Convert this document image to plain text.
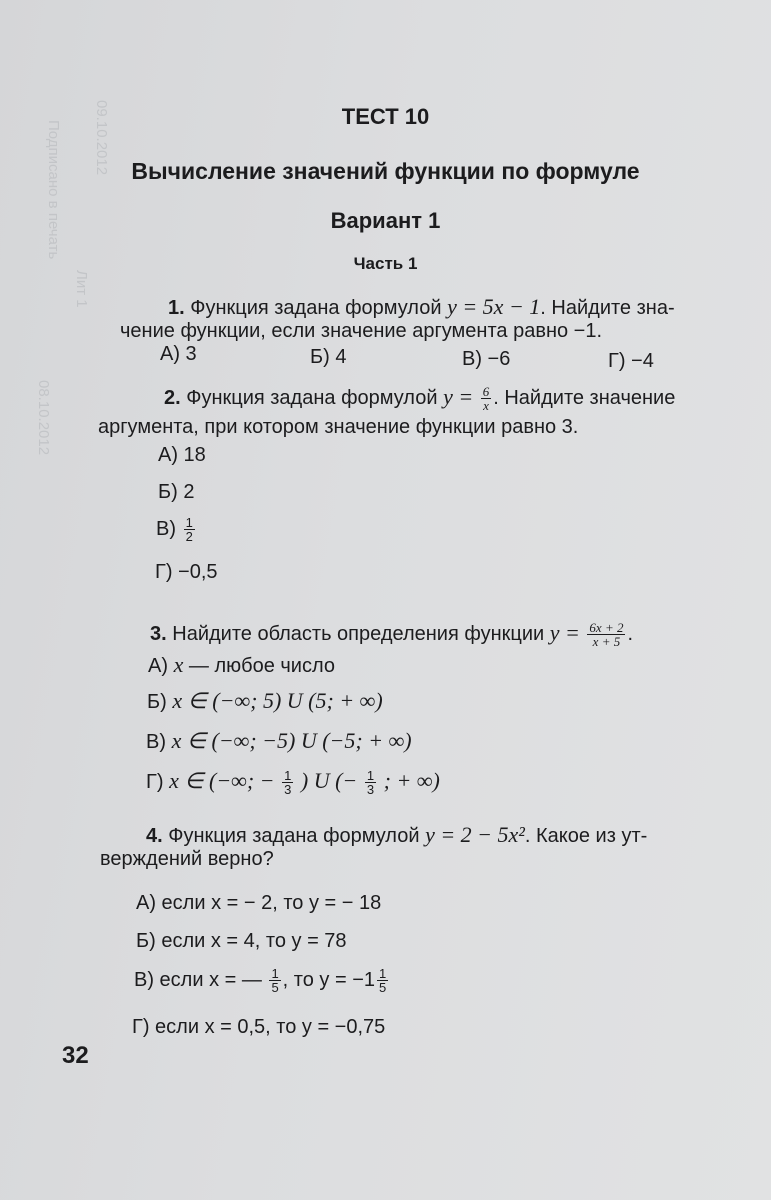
09.10.2012
Лит 1
Подписано в печать
08.10.2012
ТЕСТ 10
Вычисление значений функции по формуле
Вариант 1
Часть 1
1. Функция задана формулой y = 5x − 1. Найдите зна-
чение функции, если значение аргумента равно −1.
А) 3	Б) 4	В) −6	Г) −4
2. Функция задана формулой $y = \frac{6}{x}$ . Найдите значение
аргумента, при котором значение функции равно 3.
А) 18
Б) 2
$В) \frac{1}{2}$
Г) −0,5
3. Найдите область определения функции $y = \frac{6x + 2}{x + 5}$ .
А) x — любое число
Б) x ∈ (−∞; 5) U (5; + ∞)
В) x ∈ (−∞; −5) U (−5; + ∞)
Г) x ∈ (−∞; − $\frac{1}{3}$ ) U (− $\frac{1}{3}$ ; + ∞)
4. Функция задана формулой y = 2 − 5x². Какое из ут-
верждений верно?
А) если x = − 2, то y = − 18
Б) если x = 4, то y = 78
В) если x = — $\frac{1}{5}$ , то $y = -1 \frac{1}{5}$
Г) если x = 0,5, то y = −0,75
32
